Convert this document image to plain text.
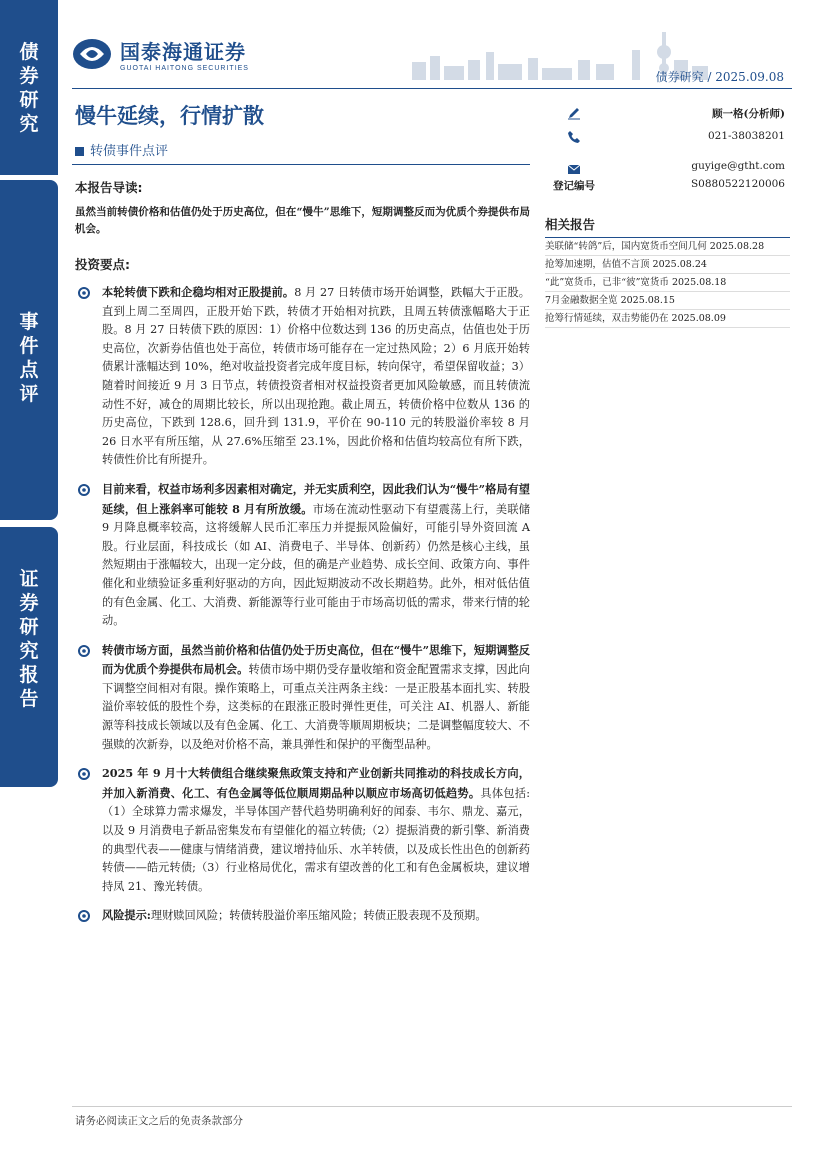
债
券
研
究
事
件
点
评
证
券
研
究
报
告
国泰海通证券
GUOTAI HAITONG SECURITIES
债券研究 / 2025.09.08
慢牛延续，行情扩散
转债事件点评
顾一格(分析师)
021-38038201
guyige@gtht.com
登记编号	S0880522120006
相关报告
美联储“转鸽”后，国内宽货币空间几何 2025.08.28
抢筹加速期，估值不言顶 2025.08.24
“此”宽货币，已非“彼”宽货币 2025.08.18
7月金融数据全览 2025.08.15
抢筹行情延续，双击势能仍在 2025.08.09
本报告导读:
虽然当前转债价格和估值仍处于历史高位，但在“慢牛”思维下，短期调整反而为优质个券提供布局机会。
投资要点:
本轮转债下跌和企稳均相对正股提前。8 月 27 日转债市场开始调整，跌幅大于正股。直到上周二至周四，正股开始下跌，转债才开始相对抗跌，且周五转债涨幅略大于正股。8 月 27 日转债下跌的原因：1）价格中位数达到 136 的历史高点，估值也处于历史高位，次新券估值也处于高位，转债市场可能存在一定过热风险；2）6 月底开始转债累计涨幅达到 10%，绝对收益投资者完成年度目标，转向保守，希望保留收益；3）随着时间接近 9 月 3 日节点，转债投资者相对权益投资者更加风险敏感，而且转债流动性不好，减仓的周期比较长，所以出现抢跑。截止周五，转债价格中位数从 136 的历史高位，下跌到 128.6，回升到 131.9，平价在 90-110 元的转股溢价率较 8 月 26 日水平有所压缩，从 27.6%压缩至 23.1%，因此价格和估值均较高位有所下跌，转债性价比有所提升。
目前来看，权益市场利多因素相对确定，并无实质利空，因此我们认为“慢牛”格局有望延续，但上涨斜率可能较 8 月有所放缓。市场在流动性驱动下有望震荡上行，美联储 9 月降息概率较高，这将缓解人民币汇率压力并提振风险偏好，可能引导外资回流 A 股。行业层面，科技成长（如 AI、消费电子、半导体、创新药）仍然是核心主线，虽然短期由于涨幅较大，出现一定分歧，但的确是产业趋势、成长空间、政策方向、事件催化和业绩验证多重利好驱动的方向，因此短期波动不改长期趋势。此外，相对低估值的有色金属、化工、大消费、新能源等行业可能由于市场高切低的需求，带来行情的轮动。
转债市场方面，虽然当前价格和估值仍处于历史高位，但在“慢牛”思维下，短期调整反而为优质个券提供布局机会。转债市场中期仍受存量收缩和资金配置需求支撑，因此向下调整空间相对有限。操作策略上，可重点关注两条主线：一是正股基本面扎实、转股溢价率较低的股性个券，这类标的在跟涨正股时弹性更佳，可关注 AI、机器人、新能源等科技成长领域以及有色金属、化工、大消费等顺周期板块；二是调整幅度较大、不强赎的次新券，以及绝对价格不高，兼具弹性和保护的平衡型品种。
2025 年 9 月十大转债组合继续聚焦政策支持和产业创新共同推动的科技成长方向，并加入新消费、化工、有色金属等低位顺周期品种以顺应市场高切低趋势。具体包括:（1）全球算力需求爆发，半导体国产替代趋势明确利好的闻泰、韦尔、鼎龙、嘉元，以及 9 月消费电子新品密集发布有望催化的福立转债;（2）提振消费的新引擎、新消费的典型代表——健康与情绪消费，建议增持仙乐、水羊转债，以及成长性出色的创新药转债——皓元转债;（3）行业格局优化，需求有望改善的化工和有色金属板块，建议增持凤 21、豫光转债。
风险提示:理财赎回风险；转债转股溢价率压缩风险；转债正股表现不及预期。
请务必阅读正文之后的免责条款部分
